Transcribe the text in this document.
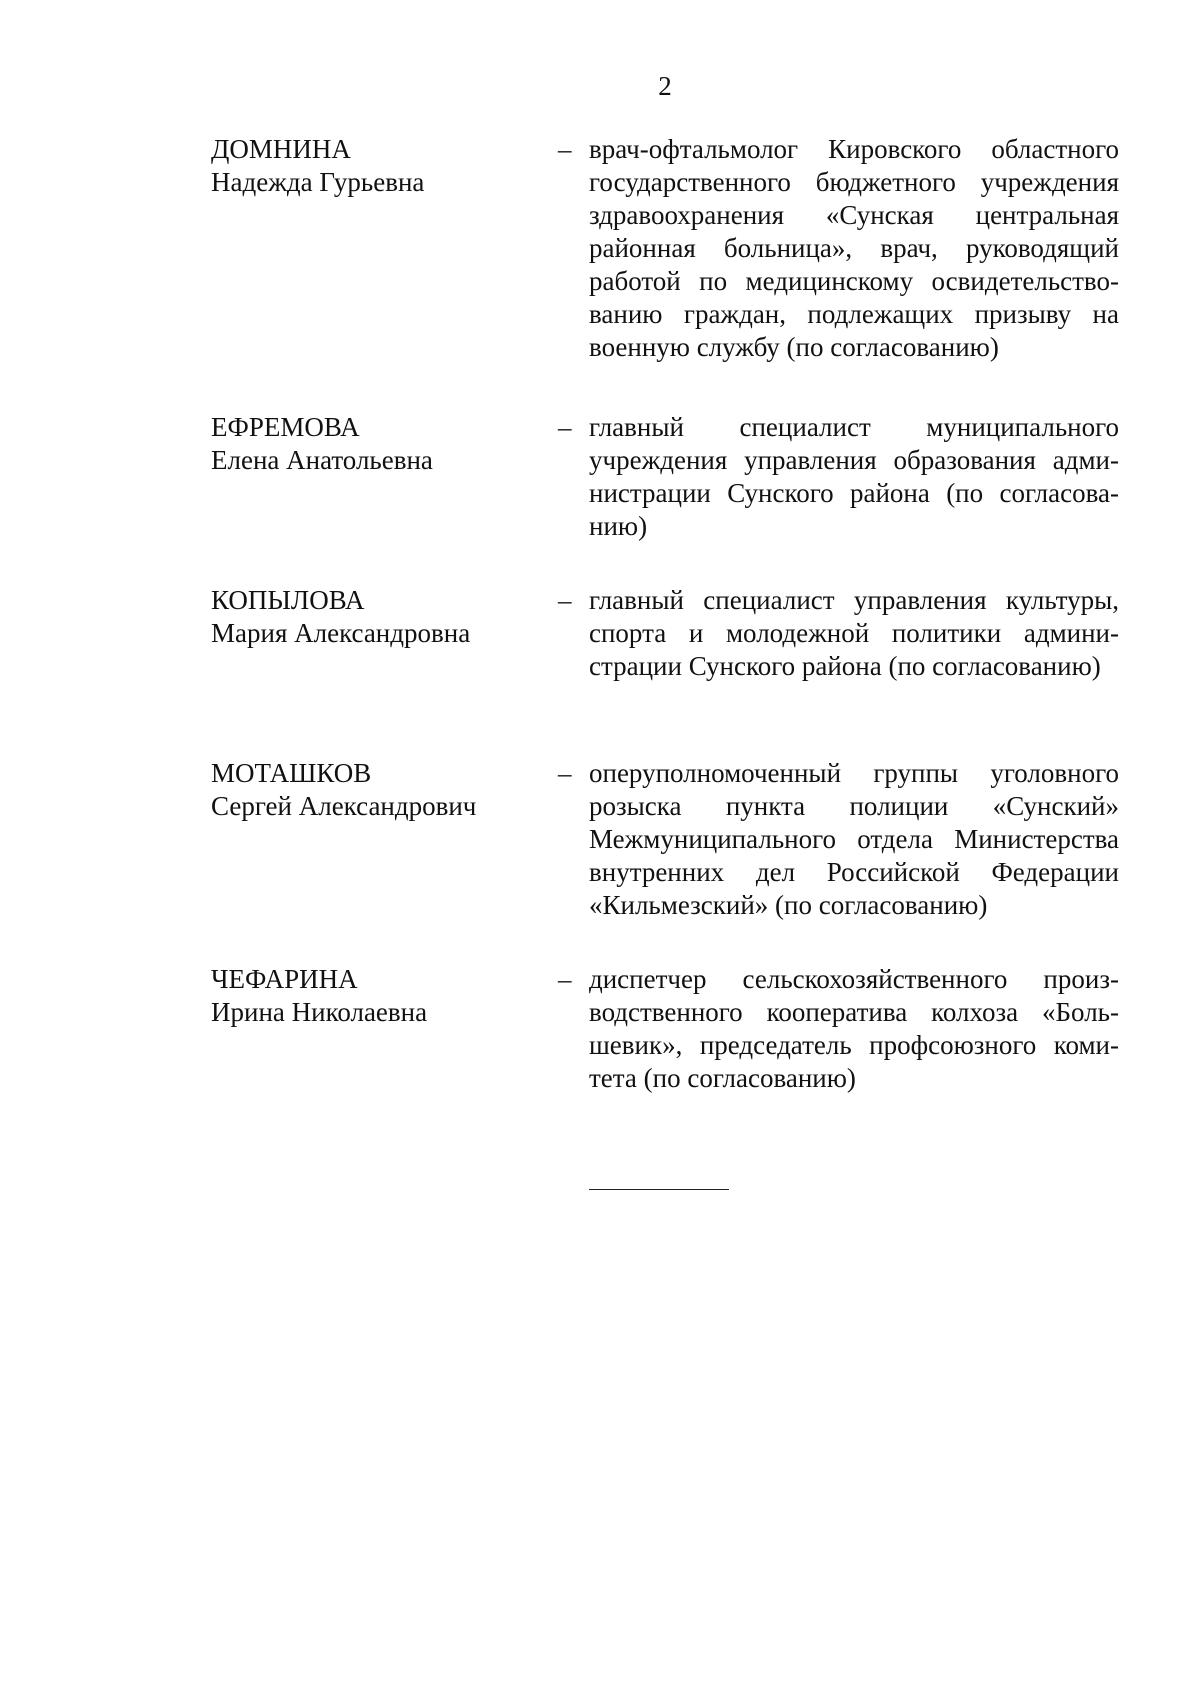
2
ДОМНИНА
Надежда Гурьевна
– врач-офтальмолог Кировского областного государственного бюджетного учреждения здравоохранения «Сунская центральная районная больница», врач, руководящий работой по медицинскому освидетельствованию граждан, подлежащих призыву на военную службу (по согласованию)
ЕФРЕМОВА
Елена Анатольевна
– главный специалист муниципального учреждения управления образования администрации Сунского района (по согласованию)
КОПЫЛОВА
Мария Александровна
– главный специалист управления культуры, спорта и молодежной политики администрации Сунского района (по согласованию)
МОТАШКОВ
Сергей Александрович
– оперуполномоченный группы уголовного розыска пункта полиции «Сунский» Межмуниципального отдела Министерства внутренних дел Российской Федерации «Кильмезский» (по согласованию)
ЧЕФАРИНА
Ирина Николаевна
– диспетчер сельскохозяйственного производственного кооператива колхоза «Большевик», председатель профсоюзного комитета (по согласованию)
